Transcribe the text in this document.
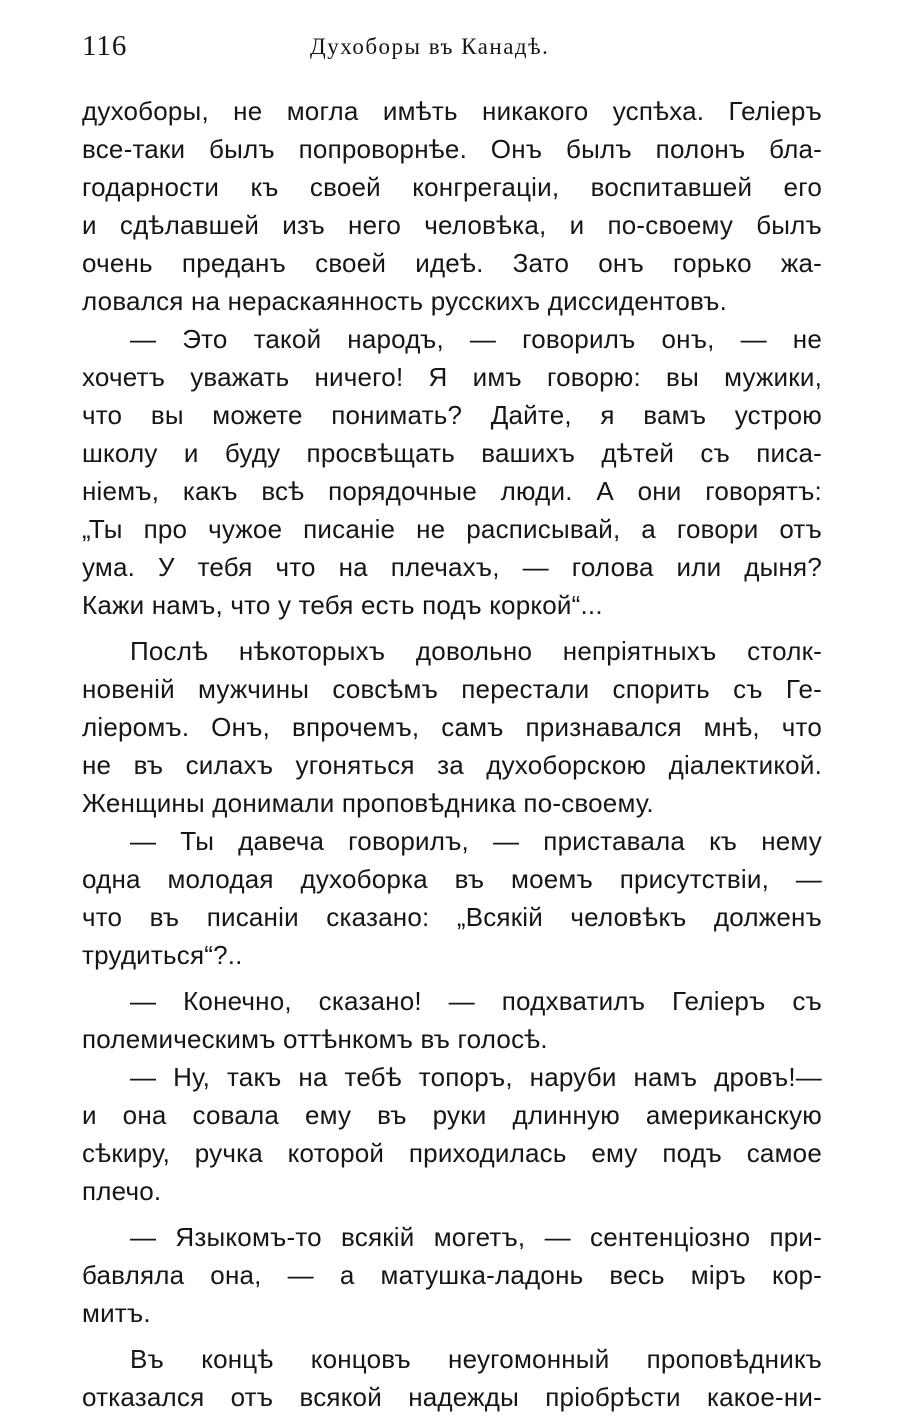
116	Духоборы въ Канадѣ.
духоборы, не могла имѣть никакого успѣха. Геліеръ
все-таки былъ попроворнѣе. Онъ былъ полонъ бла-
годарности къ своей конгрегаціи, воспитавшей его
и сдѣлавшей изъ него человѣка, и по-своему былъ
очень преданъ своей идеѣ. Зато онъ горько жа-
ловался на нераскаянность русскихъ диссидентовъ.
— Это такой народъ, — говорилъ онъ, — не
хочетъ уважать ничего! Я имъ говорю: вы мужики,
что вы можете понимать? Дайте, я вамъ устрою
школу и буду просвѣщать вашихъ дѣтей съ писа-
ніемъ, какъ всѣ порядочные люди. А они говорятъ:
„Ты про чужое писаніе не расписывай, а говори отъ
ума. У тебя что на плечахъ, — голова или дыня?
Кажи намъ, что у тебя есть подъ коркой“...
Послѣ нѣкоторыхъ довольно непріятныхъ столк-
новеній мужчины совсѣмъ перестали спорить съ Ге-
ліеромъ. Онъ, впрочемъ, самъ признавался мнѣ, что
не въ силахъ угоняться за духоборскою діалектикой.
Женщины донимали проповѣдника по-своему.
— Ты давеча говорилъ, — приставала къ нему
одна молодая духоборка въ моемъ присутствіи, —
что въ писаніи сказано: „Всякій человѣкъ долженъ
трудиться“?..
— Конечно, сказано! — подхватилъ Геліеръ съ
полемическимъ оттѣнкомъ въ голосѣ.
— Ну, такъ на тебѣ топоръ, наруби намъ дровъ!—
и она совала ему въ руки длинную американскую
сѣкиру, ручка которой приходилась ему подъ самое
плечо.
— Языкомъ-то всякій могетъ, — сентенціозно при-
бавляла она, — а матушка-ладонь весь міръ кор-
митъ.
Въ концѣ концовъ неугомонный проповѣдникъ
отказался отъ всякой надежды пріобрѣсти какое-ни-
